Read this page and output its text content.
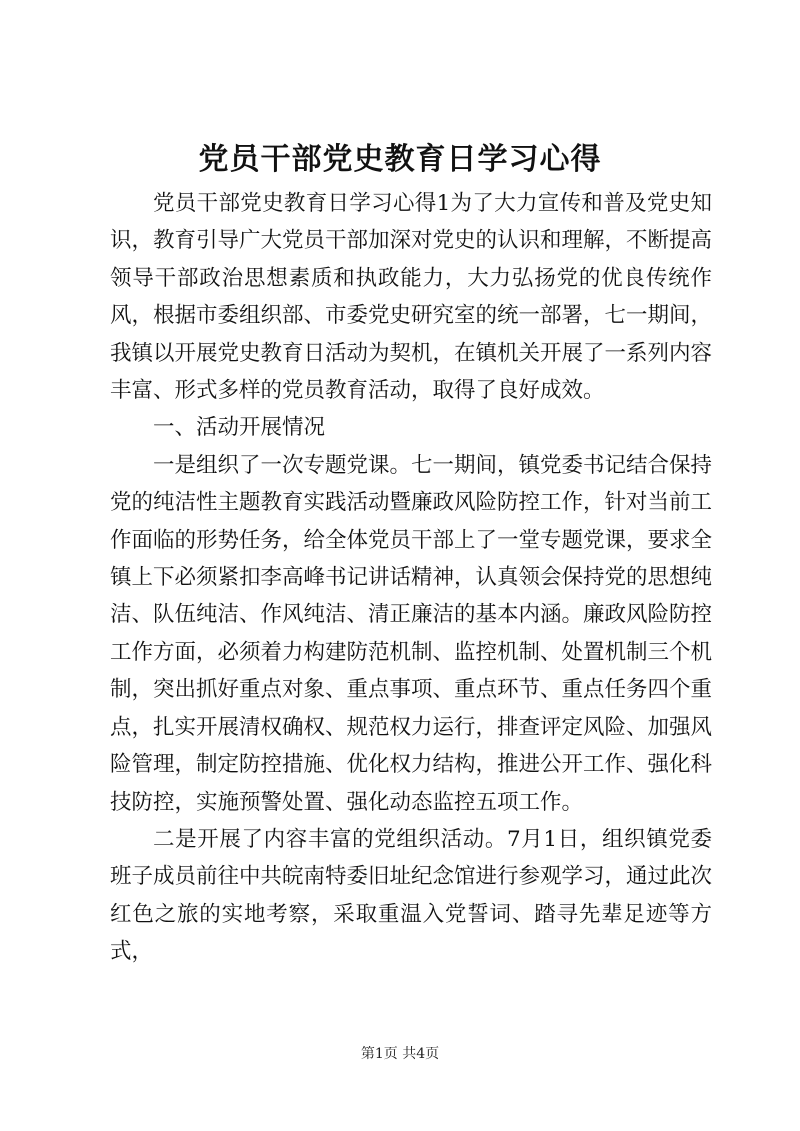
党员干部党史教育日学习心得

党员干部党史教育日学习心得1为了大力宣传和普及党史知识，教育引导广大党员干部加深对党史的认识和理解，不断提高领导干部政治思想素质和执政能力，大力弘扬党的优良传统作风，根据市委组织部、市委党史研究室的统一部署，七一期间，我镇以开展党史教育日活动为契机，在镇机关开展了一系列内容丰富、形式多样的党员教育活动，取得了良好成效。

一、活动开展情况

一是组织了一次专题党课。七一期间，镇党委书记结合保持党的纯洁性主题教育实践活动暨廉政风险防控工作，针对当前工作面临的形势任务，给全体党员干部上了一堂专题党课，要求全镇上下必须紧扣李高峰书记讲话精神，认真领会保持党的思想纯洁、队伍纯洁、作风纯洁、清正廉洁的基本内涵。廉政风险防控工作方面，必须着力构建防范机制、监控机制、处置机制三个机制，突出抓好重点对象、重点事项、重点环节、重点任务四个重点，扎实开展清权确权、规范权力运行，排查评定风险、加强风险管理，制定防控措施、优化权力结构，推进公开工作、强化科技防控，实施预警处置、强化动态监控五项工作。

二是开展了内容丰富的党组织活动。7月1日，组织镇党委班子成员前往中共皖南特委旧址纪念馆进行参观学习，通过此次红色之旅的实地考察，采取重温入党誓词、踏寻先辈足迹等方式，

第1页 共4页
